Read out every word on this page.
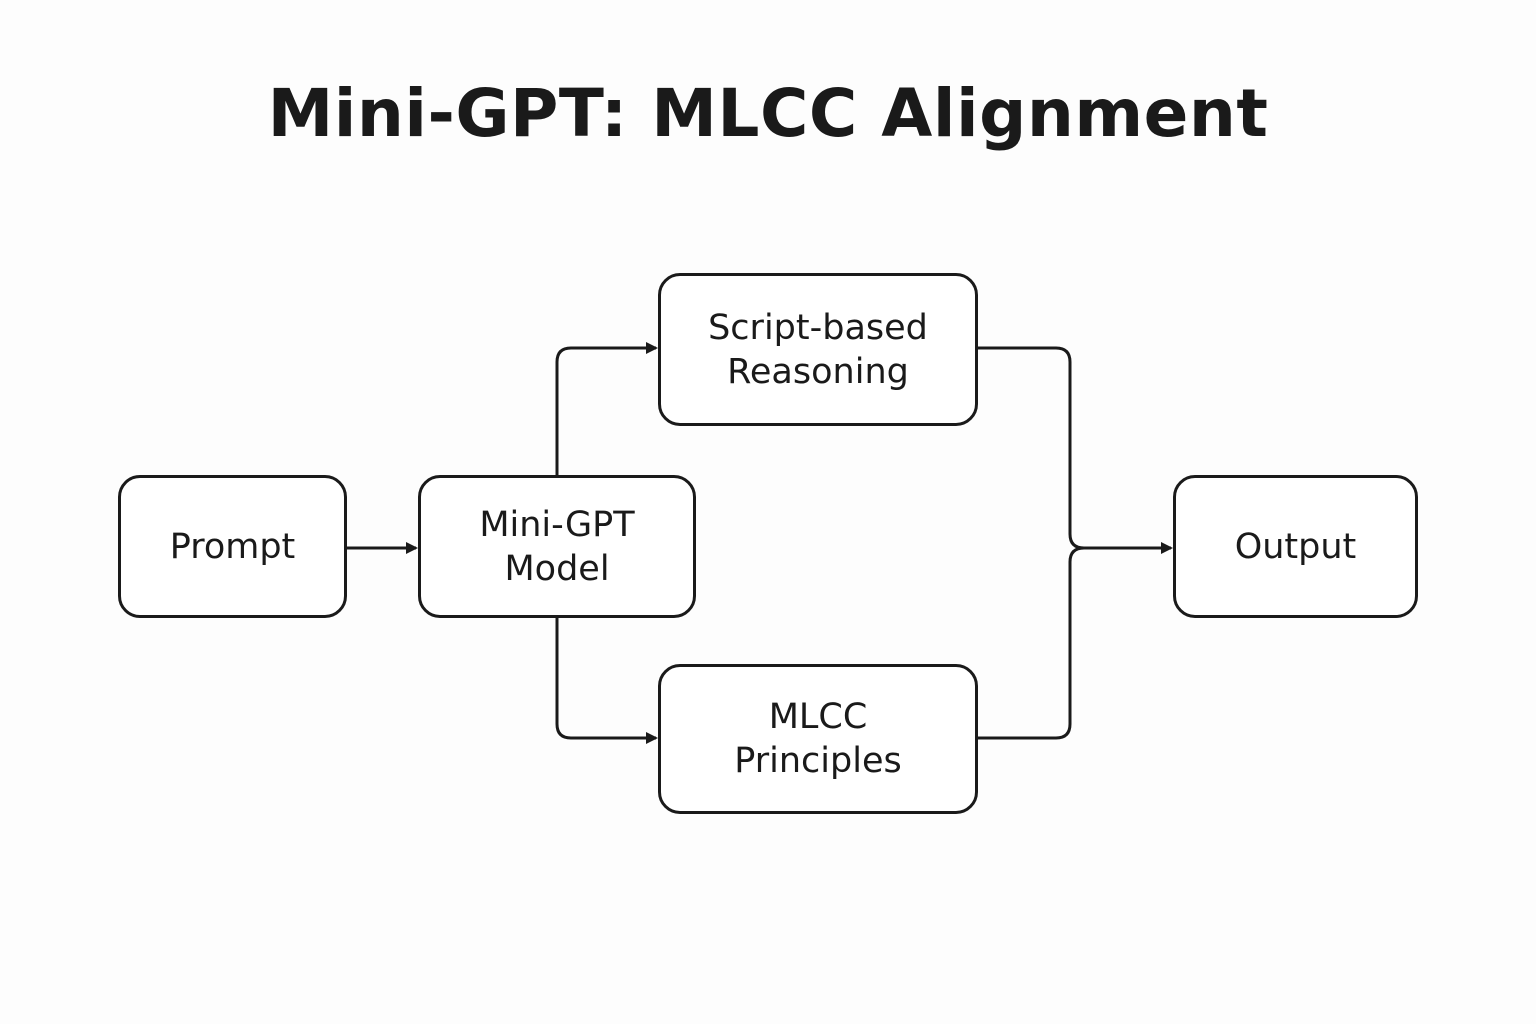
Mini-GPT: MLCC Alignment
Prompt
Mini-GPT
Model
Script-based
Reasoning
MLCC
Principles
Output
